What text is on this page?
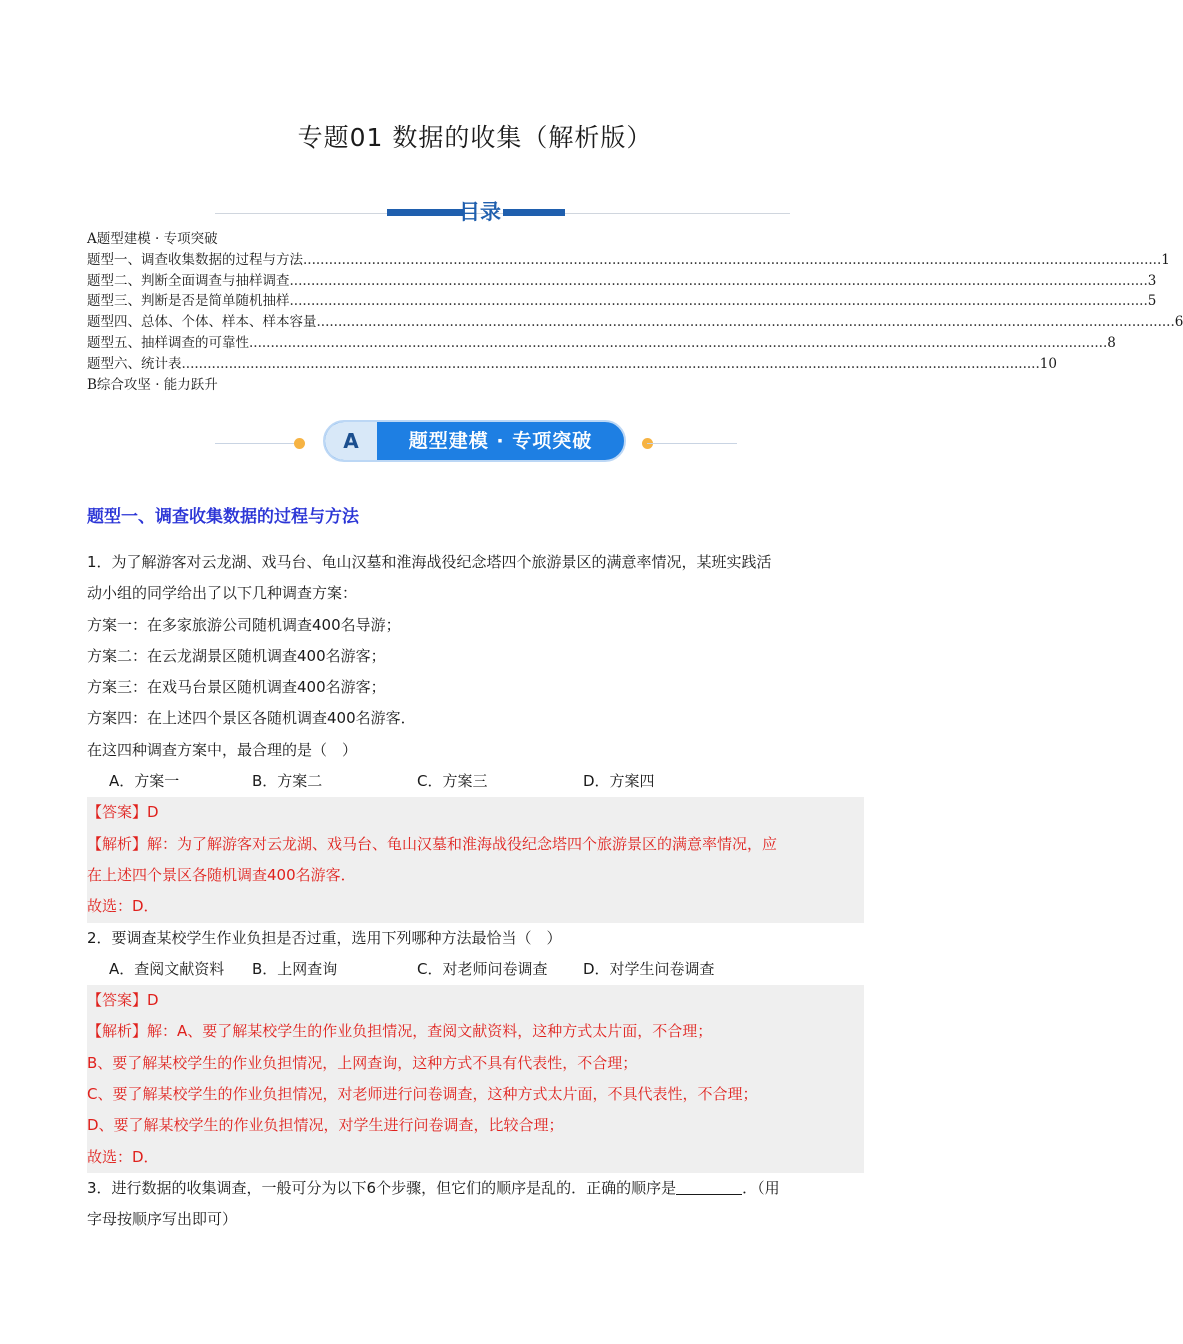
专题01 数据的收集（解析版）
目录
A题型建模 · 专项突破
题型一、调查收集数据的过程与方法 ........................................................................................................................................................................................................ 1
题型二、判断全面调查与抽样调查 ........................................................................................................................................................................................................ 3
题型三、判断是否是简单随机抽样 ........................................................................................................................................................................................................ 5
题型四、总体、个体、样本、样本容量 ........................................................................................................................................................................................................ 6
题型五、抽样调查的可靠性 ........................................................................................................................................................................................................ 8
题型六、统计表 ........................................................................................................................................................................................................ 10
B综合攻坚 · 能力跃升
A	题型建模 · 专项突破
题型一、调查收集数据的过程与方法
1．为了解游客对云龙湖、戏马台、龟山汉墓和淮海战役纪念塔四个旅游景区的满意率情况，某班实践活
动小组的同学给出了以下几种调查方案：
方案一：在多家旅游公司随机调查400名导游；
方案二：在云龙湖景区随机调查400名游客；
方案三：在戏马台景区随机调查400名游客；
方案四：在上述四个景区各随机调查400名游客．
在这四种调查方案中，最合理的是（　）
A．方案一	B．方案二	C．方案三	D．方案四
【答案】D
【解析】解：为了解游客对云龙湖、戏马台、龟山汉墓和淮海战役纪念塔四个旅游景区的满意率情况，应
在上述四个景区各随机调查400名游客．
故选：D．
2．要调查某校学生作业负担是否过重，选用下列哪种方法最恰当（　）
A．查阅文献资料	B．上网查询	C．对老师问卷调查	D．对学生问卷调查
【答案】D
【解析】解：A、要了解某校学生的作业负担情况，查阅文献资料，这种方式太片面，不合理；
B、要了解某校学生的作业负担情况，上网查询，这种方式不具有代表性，不合理；
C、要了解某校学生的作业负担情况，对老师进行问卷调查，这种方式太片面，不具代表性，不合理；
D、要了解某校学生的作业负担情况，对学生进行问卷调查，比较合理；
故选：D．
3．进行数据的收集调查，一般可分为以下6个步骤，但它们的顺序是乱的．正确的顺序是	．（用
字母按顺序写出即可）
